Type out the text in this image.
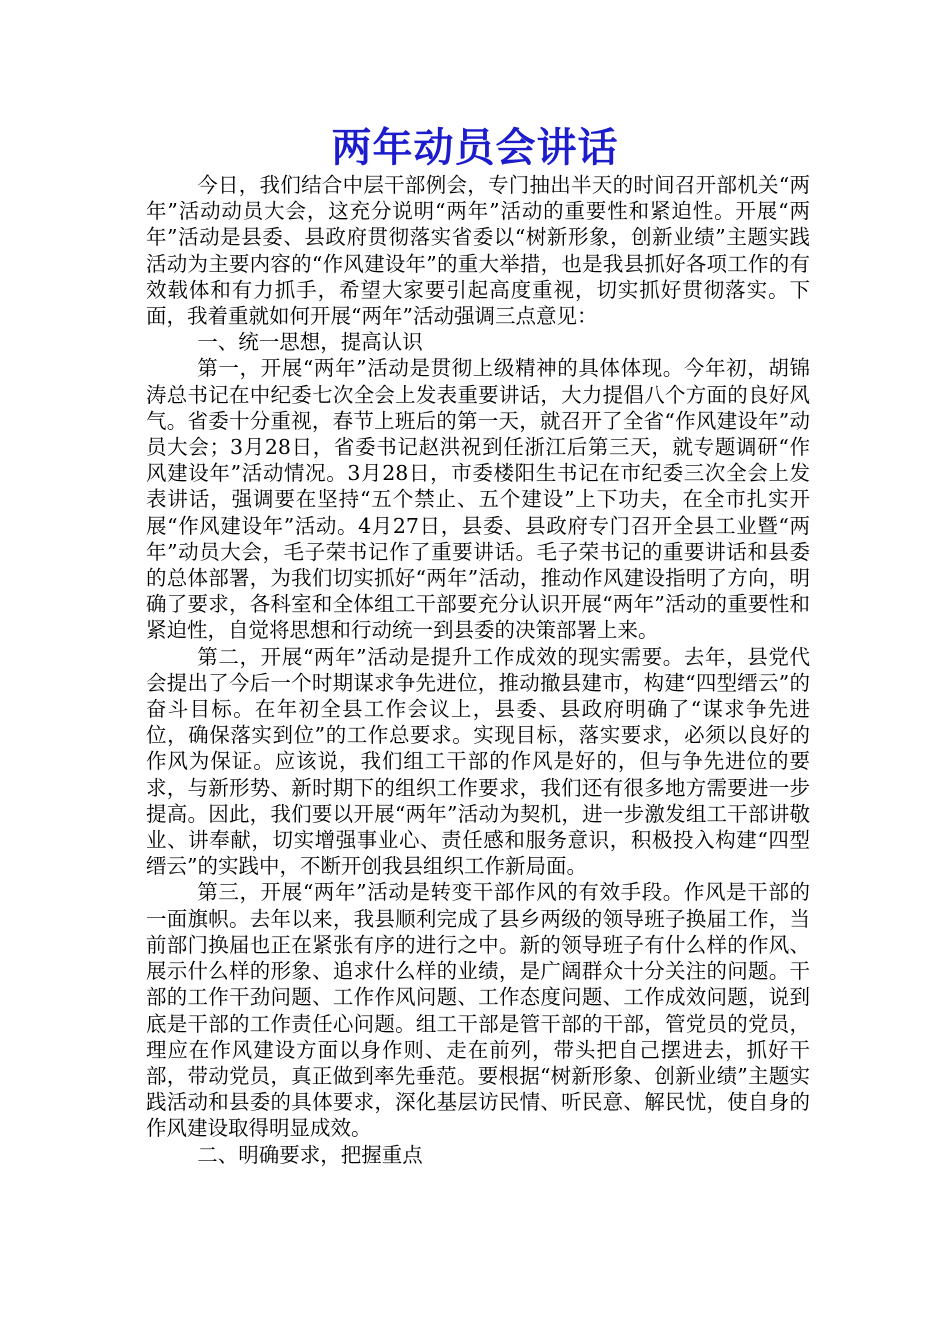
两年动员会讲话

今日，我们结合中层干部例会，专门抽出半天的时间召开部机关“两年”活动动员大会，这充分说明“两年”活动的重要性和紧迫性。开展“两年”活动是县委、县政府贯彻落实省委以“树新形象，创新业绩”主题实践活动为主要内容的“作风建设年”的重大举措，也是我县抓好各项工作的有效载体和有力抓手，希望大家要引起高度重视，切实抓好贯彻落实。下面，我着重就如何开展“两年”活动强调三点意见：

一、统一思想，提高认识

第一，开展“两年”活动是贯彻上级精神的具体体现。今年初，胡锦涛总书记在中纪委七次全会上发表重要讲话，大力提倡八个方面的良好风气。省委十分重视，春节上班后的第一天，就召开了全省“作风建设年”动员大会；3月28日，省委书记赵洪祝到任浙江后第三天，就专题调研“作风建设年”活动情况。3月28日，市委楼阳生书记在市纪委三次全会上发表讲话，强调要在坚持“五个禁止、五个建设”上下功夫，在全市扎实开展“作风建设年”活动。4月27日，县委、县政府专门召开全县工业暨“两年”动员大会，毛子荣书记作了重要讲话。毛子荣书记的重要讲话和县委的总体部署，为我们切实抓好“两年”活动，推动作风建设指明了方向，明确了要求，各科室和全体组工干部要充分认识开展“两年”活动的重要性和紧迫性，自觉将思想和行动统一到县委的决策部署上来。

第二，开展“两年”活动是提升工作成效的现实需要。去年，县党代会提出了今后一个时期谋求争先进位，推动撤县建市，构建“四型缙云”的奋斗目标。在年初全县工作会议上，县委、县政府明确了“谋求争先进位，确保落实到位”的工作总要求。实现目标，落实要求，必须以良好的作风为保证。应该说，我们组工干部的作风是好的，但与争先进位的要求，与新形势、新时期下的组织工作要求，我们还有很多地方需要进一步提高。因此，我们要以开展“两年”活动为契机，进一步激发组工干部讲敬业、讲奉献，切实增强事业心、责任感和服务意识，积极投入构建“四型缙云”的实践中，不断开创我县组织工作新局面。

第三，开展“两年”活动是转变干部作风的有效手段。作风是干部的一面旗帜。去年以来，我县顺利完成了县乡两级的领导班子换届工作，当前部门换届也正在紧张有序的进行之中。新的领导班子有什么样的作风、展示什么样的形象、追求什么样的业绩，是广阔群众十分关注的问题。干部的工作干劲问题、工作作风问题、工作态度问题、工作成效问题，说到底是干部的工作责任心问题。组工干部是管干部的干部，管党员的党员，理应在作风建设方面以身作则、走在前列，带头把自己摆进去，抓好干部，带动党员，真正做到率先垂范。要根据“树新形象、创新业绩”主题实践活动和县委的具体要求，深化基层访民情、听民意、解民忧，使自身的作风建设取得明显成效。

二、明确要求，把握重点
